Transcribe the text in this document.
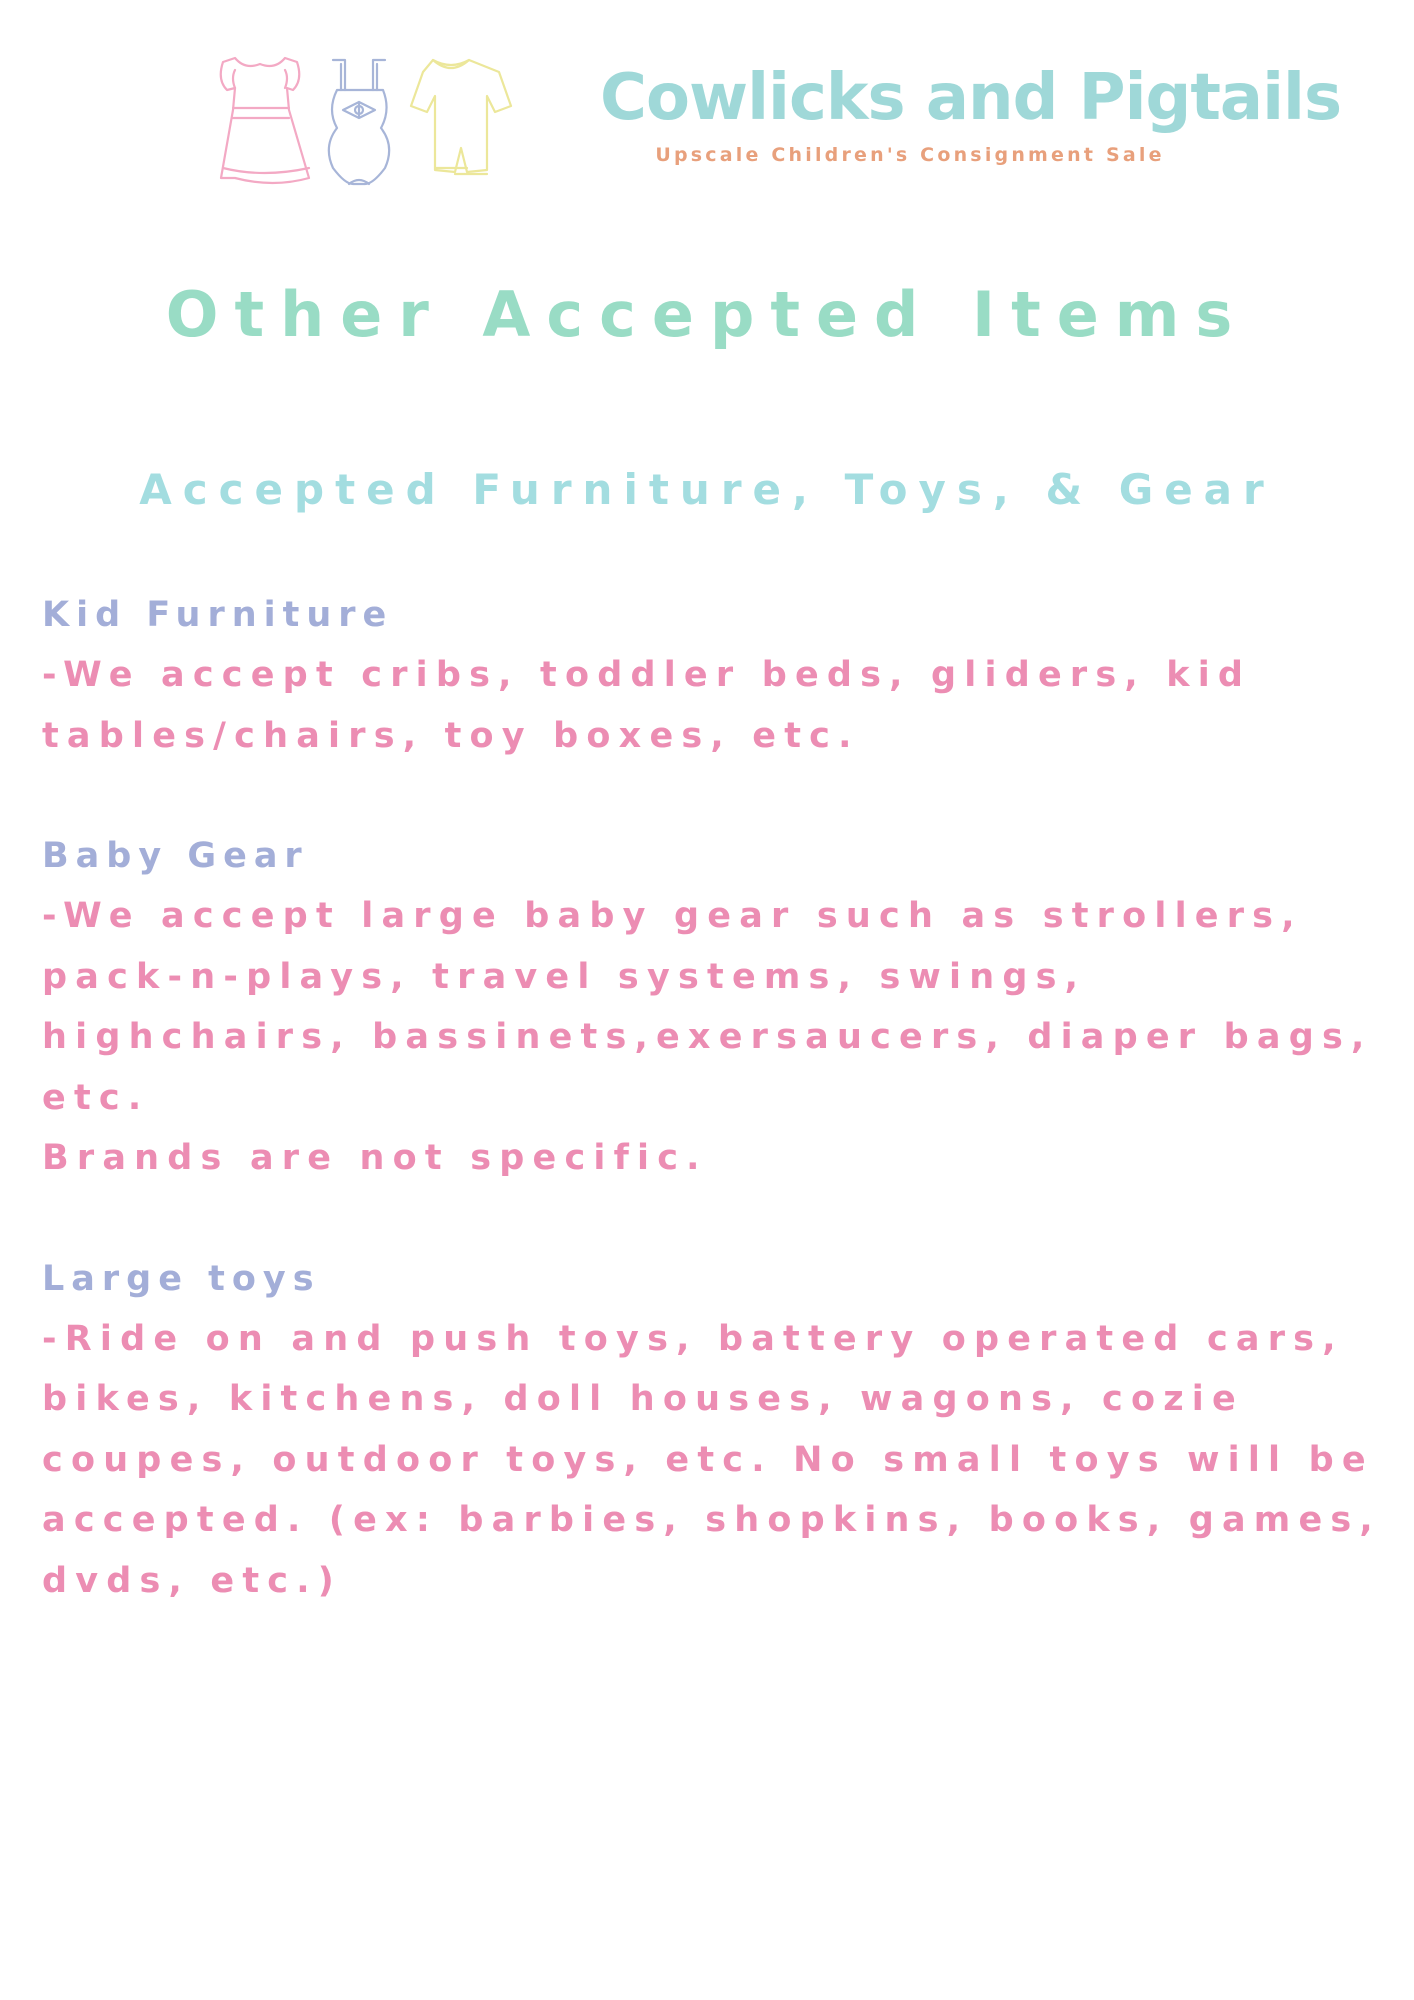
Cowlicks and Pigtails
Upscale Children's Consignment Sale
Other Accepted Items
Accepted Furniture, Toys, & Gear
Kid Furniture
-We accept cribs, toddler beds, gliders, kid
tables/chairs, toy boxes, etc.
Baby Gear
-We accept large baby gear such as strollers,
pack-n-plays, travel systems, swings,
highchairs, bassinets,exersaucers, diaper bags,
etc.
Brands are not specific.
Large toys
-Ride on and push toys, battery operated cars,
bikes, kitchens, doll houses, wagons, cozie
coupes, outdoor toys, etc. No small toys will be
accepted. (ex: barbies, shopkins, books, games,
dvds, etc.)
